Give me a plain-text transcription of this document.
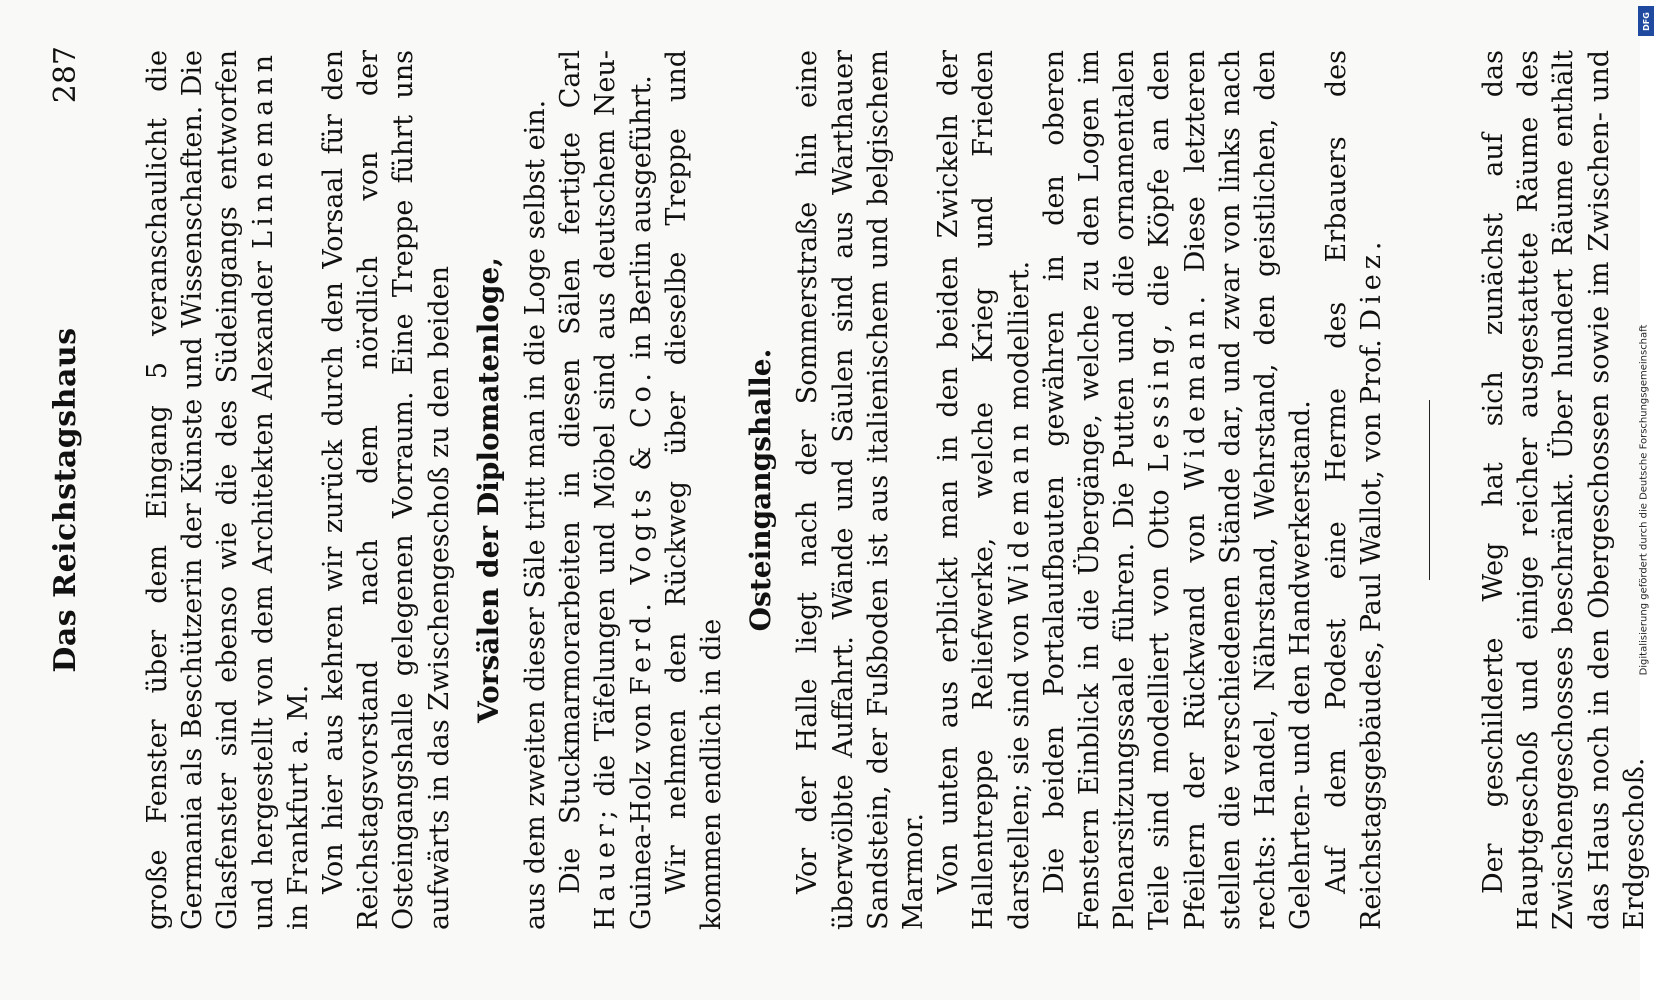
Das Reichstagshaus
287 große Fenster über dem Eingang 5 veranschaulicht die Germania als Beschützerin der Künste und Wissenschaften. Die Glasfenster sind ebenso wie die des Südeingangs entworfen und hergestellt von dem Architekten Alexander Linnemann in Frankfurt a. M. Von hier aus kehren wir zurück durch den Vorsaal für den Reichstagsvorstand nach dem nördlich von der Osteingangshalle gelegenen Vorraum. Eine Treppe führt uns aufwärts in das Zwischengeschoß zu den beiden Vorsälen der Diplomatenloge, aus dem zweiten dieser Säle tritt man in die Loge selbst ein. Die Stuckmarmorarbeiten in diesen Sälen fertigte Carl Hauer; die Täfelungen und Möbel sind aus deutschem Neu-Guinea-Holz von Ferd. Vogts & Co. in Berlin ausgeführt. Wir nehmen den Rückweg über dieselbe Treppe und kommen endlich in die

Osteingangshalle. Vor der Halle liegt nach der Sommerstraße hin eine überwölbte Auffahrt. Wände und Säulen sind aus Warthauer Sandstein, der Fußboden ist aus italienischem und belgischem Marmor. Von unten aus erblickt man in den beiden Zwickeln der Hallentreppe Reliefwerke, welche Krieg und Frieden darstellen; sie sind von Widemann modelliert. Die beiden Portalaufbauten gewähren in den oberen Fenstern Einblick in die Übergänge, welche zu den Logen im Plenarsitzungssaale führen. Die Putten und die ornamentalen Teile sind modelliert von Otto Lessing, die Köpfe an den Pfeilern der Rückwand von Widemann. Diese letzteren stellen die verschiedenen Stände dar, und zwar von links nach rechts: Handel, Nährstand, Wehrstand, den geistlichen, den Gelehrten- und den Handwerkerstand. Auf dem Podest eine Herme des Erbauers des Reichstagsgebäudes, Paul Wallot, von Prof. Diez.	Der geschilderte Weg hat sich zunächst auf das Hauptgeschoß und einige reicher ausgestattete Räume des Zwischengeschosses beschränkt. Über hundert Räume enthält das Haus noch in den Obergeschossen sowie im Zwischen- und Erdgeschoß.

DFG
Digitalisierung gefördert durch die Deutsche Forschungsgemeinschaft
